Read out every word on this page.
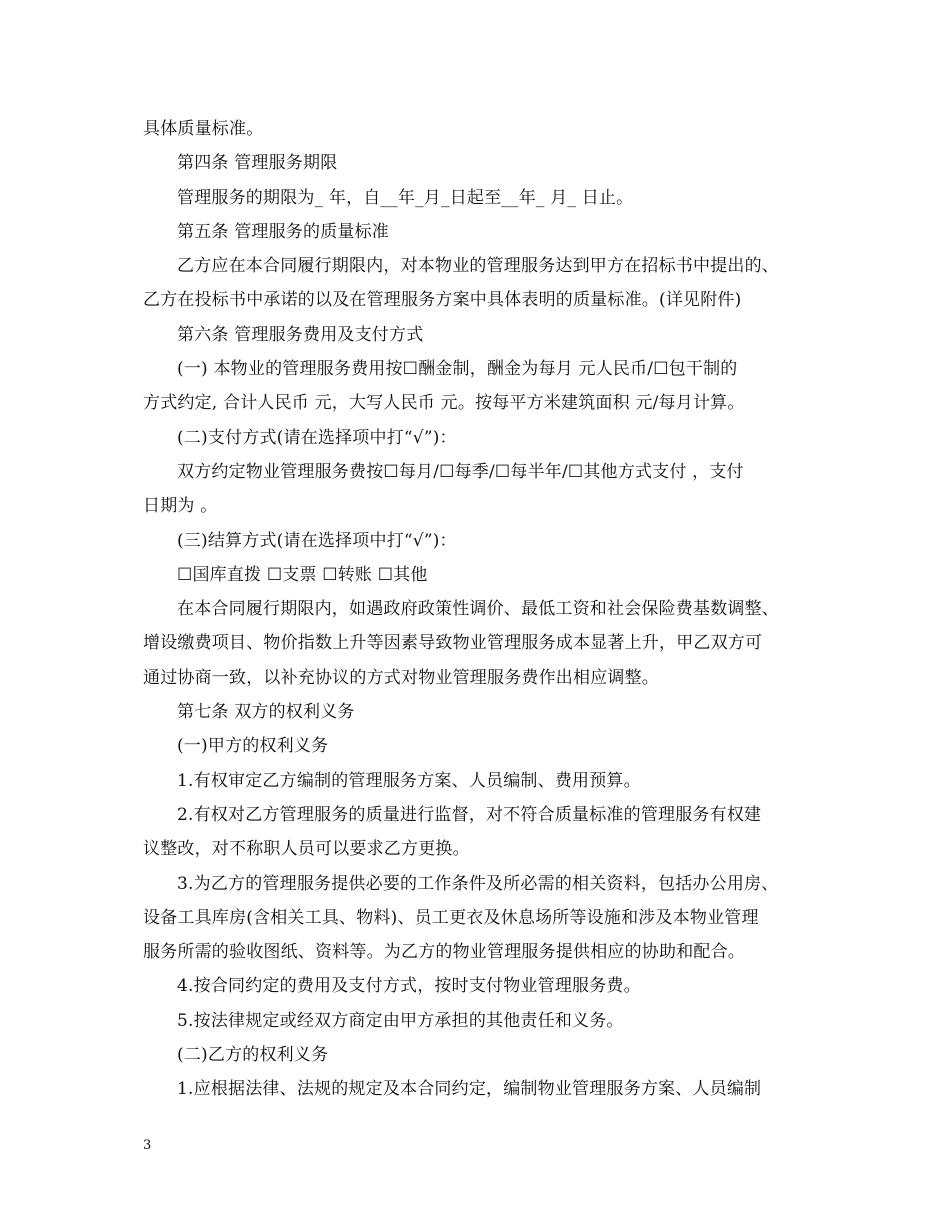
具体质量标准。
第四条 管理服务期限
管理服务的期限为_ 年，自__年_月_日起至__年_ 月_ 日止。
第五条 管理服务的质量标准
乙方应在本合同履行期限内，对本物业的管理服务达到甲方在招标书中提出的、
乙方在投标书中承诺的以及在管理服务方案中具体表明的质量标准。(详见附件)
第六条 管理服务费用及支付方式
(一) 本物业的管理服务费用按☐酬金制，酬金为每月 元人民币/☐包干制的
方式约定, 合计人民币 元，大写人民币 元。按每平方米建筑面积 元/每月计算。
(二)支付方式(请在选择项中打“√”)：
双方约定物业管理服务费按☐每月/☐每季/☐每半年/☐其他方式支付 ，支付
日期为 。
(三)结算方式(请在选择项中打“√”)：
☐国库直拨 ☐支票 ☐转账 ☐其他
在本合同履行期限内，如遇政府政策性调价、最低工资和社会保险费基数调整、
增设缴费项目、物价指数上升等因素导致物业管理服务成本显著上升，甲乙双方可
通过协商一致，以补充协议的方式对物业管理服务费作出相应调整。
第七条 双方的权利义务
(一)甲方的权利义务
1.有权审定乙方编制的管理服务方案、人员编制、费用预算。
2.有权对乙方管理服务的质量进行监督，对不符合质量标准的管理服务有权建
议整改，对不称职人员可以要求乙方更换。
3.为乙方的管理服务提供必要的工作条件及所必需的相关资料，包括办公用房、
设备工具库房(含相关工具、物料)、员工更衣及休息场所等设施和涉及本物业管理
服务所需的验收图纸、资料等。为乙方的物业管理服务提供相应的协助和配合。
4.按合同约定的费用及支付方式，按时支付物业管理服务费。
5.按法律规定或经双方商定由甲方承担的其他责任和义务。
(二)乙方的权利义务
1.应根据法律、法规的规定及本合同约定，编制物业管理服务方案、人员编制
3
